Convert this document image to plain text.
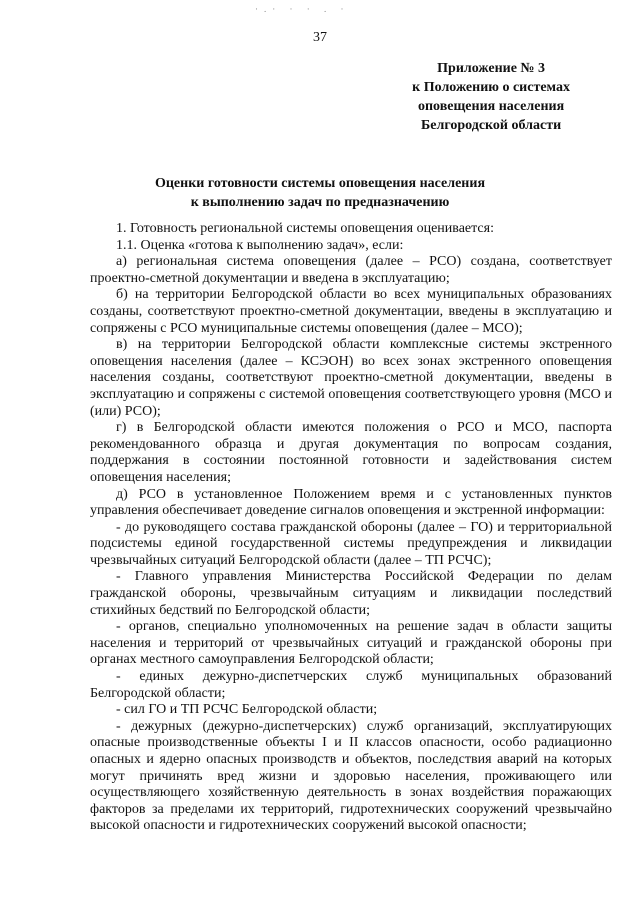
·.· · · . ·
37
Приложение № 3
к Положению о системах
оповещения населения
Белгородской области
Оценки готовности системы оповещения населения
к выполнению задач по предназначению

1. Готовность региональной системы оповещения оценивается:

1.1. Оценка «готова к выполнению задач», если:

а) региональная система оповещения (далее – РСО) создана, соответствует проектно-сметной документации и введена в эксплуатацию;

б) на территории Белгородской области во всех муниципальных образованиях созданы, соответствуют проектно-сметной документации, введены в эксплуатацию и сопряжены с РСО муниципальные системы оповещения (далее – МСО);

в) на территории Белгородской области комплексные системы экстренного оповещения населения (далее – КСЭОН) во всех зонах экстренного оповещения населения созданы, соответствуют проектно-сметной документации, введены в эксплуатацию и сопряжены с системой оповещения соответствующего уровня (МСО и (или) РСО);

г) в Белгородской области имеются положения о РСО и МСО, паспорта рекомендованного образца и другая документация по вопросам создания, поддержания в состоянии постоянной готовности и задействования систем оповещения населения;

д) РСО в установленное Положением время и с установленных пунктов управления обеспечивает доведение сигналов оповещения и экстренной информации:

- до руководящего состава гражданской обороны (далее – ГО) и территориальной подсистемы единой государственной системы предупреждения и ликвидации чрезвычайных ситуаций Белгородской области (далее – ТП РСЧС);

- Главного управления Министерства Российской Федерации по делам гражданской обороны, чрезвычайным ситуациям и ликвидации последствий стихийных бедствий по Белгородской области;

- органов, специально уполномоченных на решение задач в области защиты населения и территорий от чрезвычайных ситуаций и гражданской обороны при органах местного самоуправления Белгородской области;

- единых дежурно-диспетчерских служб муниципальных образований Белгородской области;

- сил ГО и ТП РСЧС Белгородской области;

- дежурных (дежурно-диспетчерских) служб организаций, эксплуатирующих опасные производственные объекты I и II классов опасности, особо радиационно опасных и ядерно опасных производств и объектов, последствия аварий на которых могут причинять вред жизни и здоровью населения, проживающего или осуществляющего хозяйственную деятельность в зонах воздействия поражающих факторов за пределами их территорий, гидротехнических сооружений чрезвычайно высокой опасности и гидротехнических сооружений высокой опасности;
